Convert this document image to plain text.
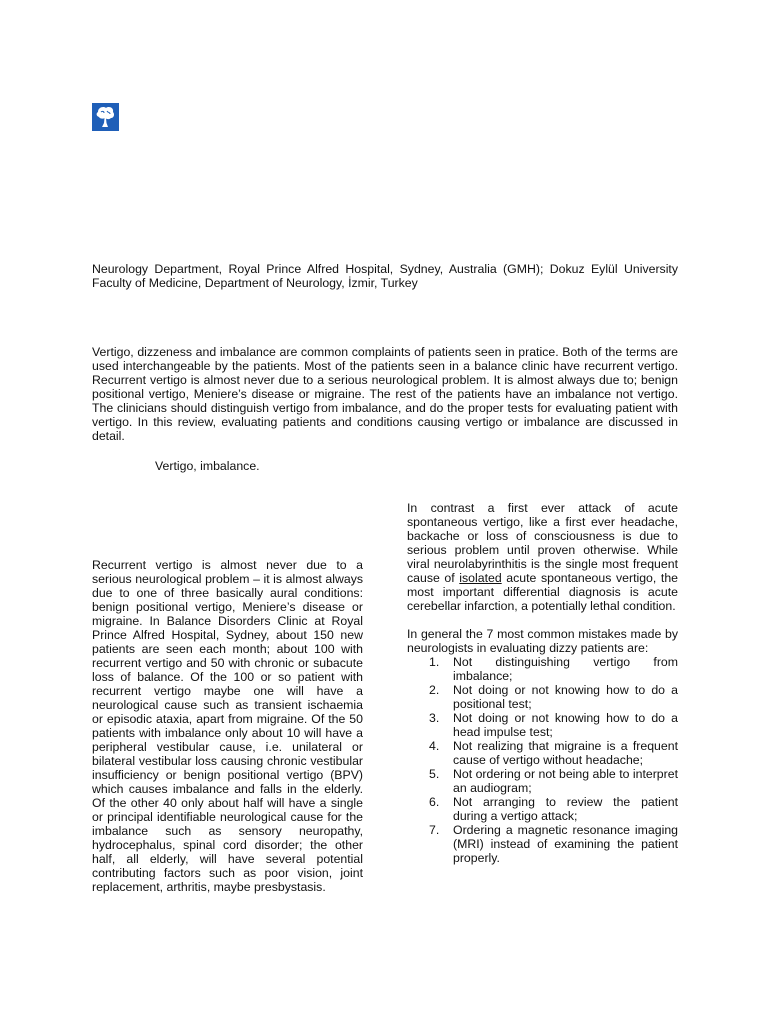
Neurology Department, Royal Prince Alfred Hospital, Sydney, Australia (GMH); Dokuz Eylül University Faculty of Medicine, Department of Neurology, İzmir, Turkey
Vertigo, dizzeness and imbalance are common complaints of patients seen in pratice. Both of the terms are used interchangeable by the patients. Most of the patients seen in a balance clinic have recurrent vertigo. Recurrent vertigo is almost never due to a serious neurological problem. It is almost always due to; benign positional vertigo, Meniere’s disease or migraine. The rest of the patients have an imbalance not vertigo. The clinicians should distinguish vertigo from imbalance, and do the proper tests for evaluating patient with vertigo. In this review, evaluating patients and conditions causing vertigo or imbalance are discussed in detail.
Vertigo, imbalance.
Recurrent vertigo is almost never due to a serious neurological problem – it is almost always due to one of three basically aural conditions: benign positional vertigo, Meniere’s disease or migraine. In Balance Disorders Clinic at Royal Prince Alfred Hospital, Sydney, about 150 new patients are seen each month; about 100 with recurrent vertigo and 50 with chronic or subacute loss of balance. Of the 100 or so patient with recurrent vertigo maybe one will have a neurological cause such as transient ischaemia or episodic ataxia, apart from migraine. Of the 50 patients with imbalance only about 10 will have a peripheral vestibular cause, i.e. unilateral or bilateral vestibular loss causing chronic vestibular insufficiency or benign positional vertigo (BPV) which causes imbalance and falls in the elderly. Of the other 40 only about half will have a single or principal identifiable neurological cause for the imbalance such as sensory neuropathy, hydrocephalus, spinal cord disorder; the other half, all elderly, will have several potential contributing factors such as poor vision, joint replacement, arthritis, maybe presbystasis.

In contrast a first ever attack of acute spontaneous vertigo, like a first ever headache, backache or loss of consciousness is due to serious problem until proven otherwise. While viral neurolabyrinthitis is the single most frequent cause of isolated acute spontaneous vertigo, the most important differential diagnosis is acute cerebellar infarction, a potentially lethal condition.

In general the 7 most common mistakes made by neurologists in evaluating dizzy patients are:

1. Not distinguishing vertigo from imbalance;
2. Not doing or not knowing how to do a positional test;
3. Not doing or not knowing how to do a head impulse test;
4. Not realizing that migraine is a frequent cause of vertigo without headache;
5. Not ordering or not being able to interpret an audiogram;
6. Not arranging to review the patient during a vertigo attack;
7. Ordering a magnetic resonance imaging (MRI) instead of examining the patient properly.
